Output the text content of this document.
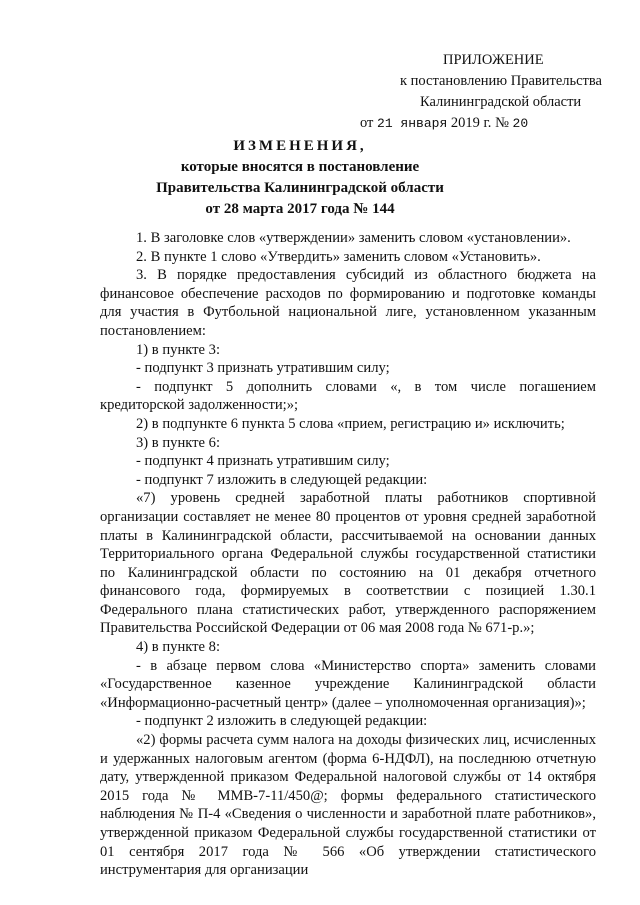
ПРИЛОЖЕНИЕ
к постановлению Правительства
Калининградской области
от 21 января 2019 г. № 20
ИЗМЕНЕНИЯ,
которые вносятся в постановление
Правительства Калининградской области
от 28 марта 2017 года № 144

1. В заголовке слов «утверждении» заменить словом «установлении».

2. В пункте 1 слово «Утвердить» заменить словом «Установить».

3. В порядке предоставления субсидий из областного бюджета на финансовое обеспечение расходов по формированию и подготовке команды для участия в Футбольной национальной лиге, установленном указанным постановлением:

1) в пункте 3:

- подпункт 3 признать утратившим силу;

- подпункт 5 дополнить словами «, в том числе погашением кредиторской задолженности;»;

2) в подпункте 6 пункта 5 слова «прием, регистрацию и» исключить;

3) в пункте 6:

- подпункт 4 признать утратившим силу;

- подпункт 7 изложить в следующей редакции:

«7) уровень средней заработной платы работников спортивной организации составляет не менее 80 процентов от уровня средней заработной платы в Калининградской области, рассчитываемой на основании данных Территориального органа Федеральной службы государственной статистики по Калининградской области по состоянию на 01 декабря отчетного финансового года, формируемых в соответствии с позицией 1.30.1 Федерального плана статистических работ, утвержденного распоряжением Правительства Российской Федерации от 06 мая 2008 года № 671-р.»;

4) в пункте 8:

- в абзаце первом слова «Министерство спорта» заменить словами «Государственное казенное учреждение Калининградской области «Информационно-расчетный центр» (далее – уполномоченная организация)»;

- подпункт 2 изложить в следующей редакции:

«2) формы расчета сумм налога на доходы физических лиц, исчисленных и удержанных налоговым агентом (форма 6-НДФЛ), на последнюю отчетную дату, утвержденной приказом Федеральной налоговой службы от 14 октября 2015 года № ММВ-7-11/450@; формы федерального статистического наблюдения № П-4 «Сведения о численности и заработной плате работников», утвержденной приказом Федеральной службы государственной статистики от 01 сентября 2017 года № 566 «Об утверждении статистического инструментария для организации
